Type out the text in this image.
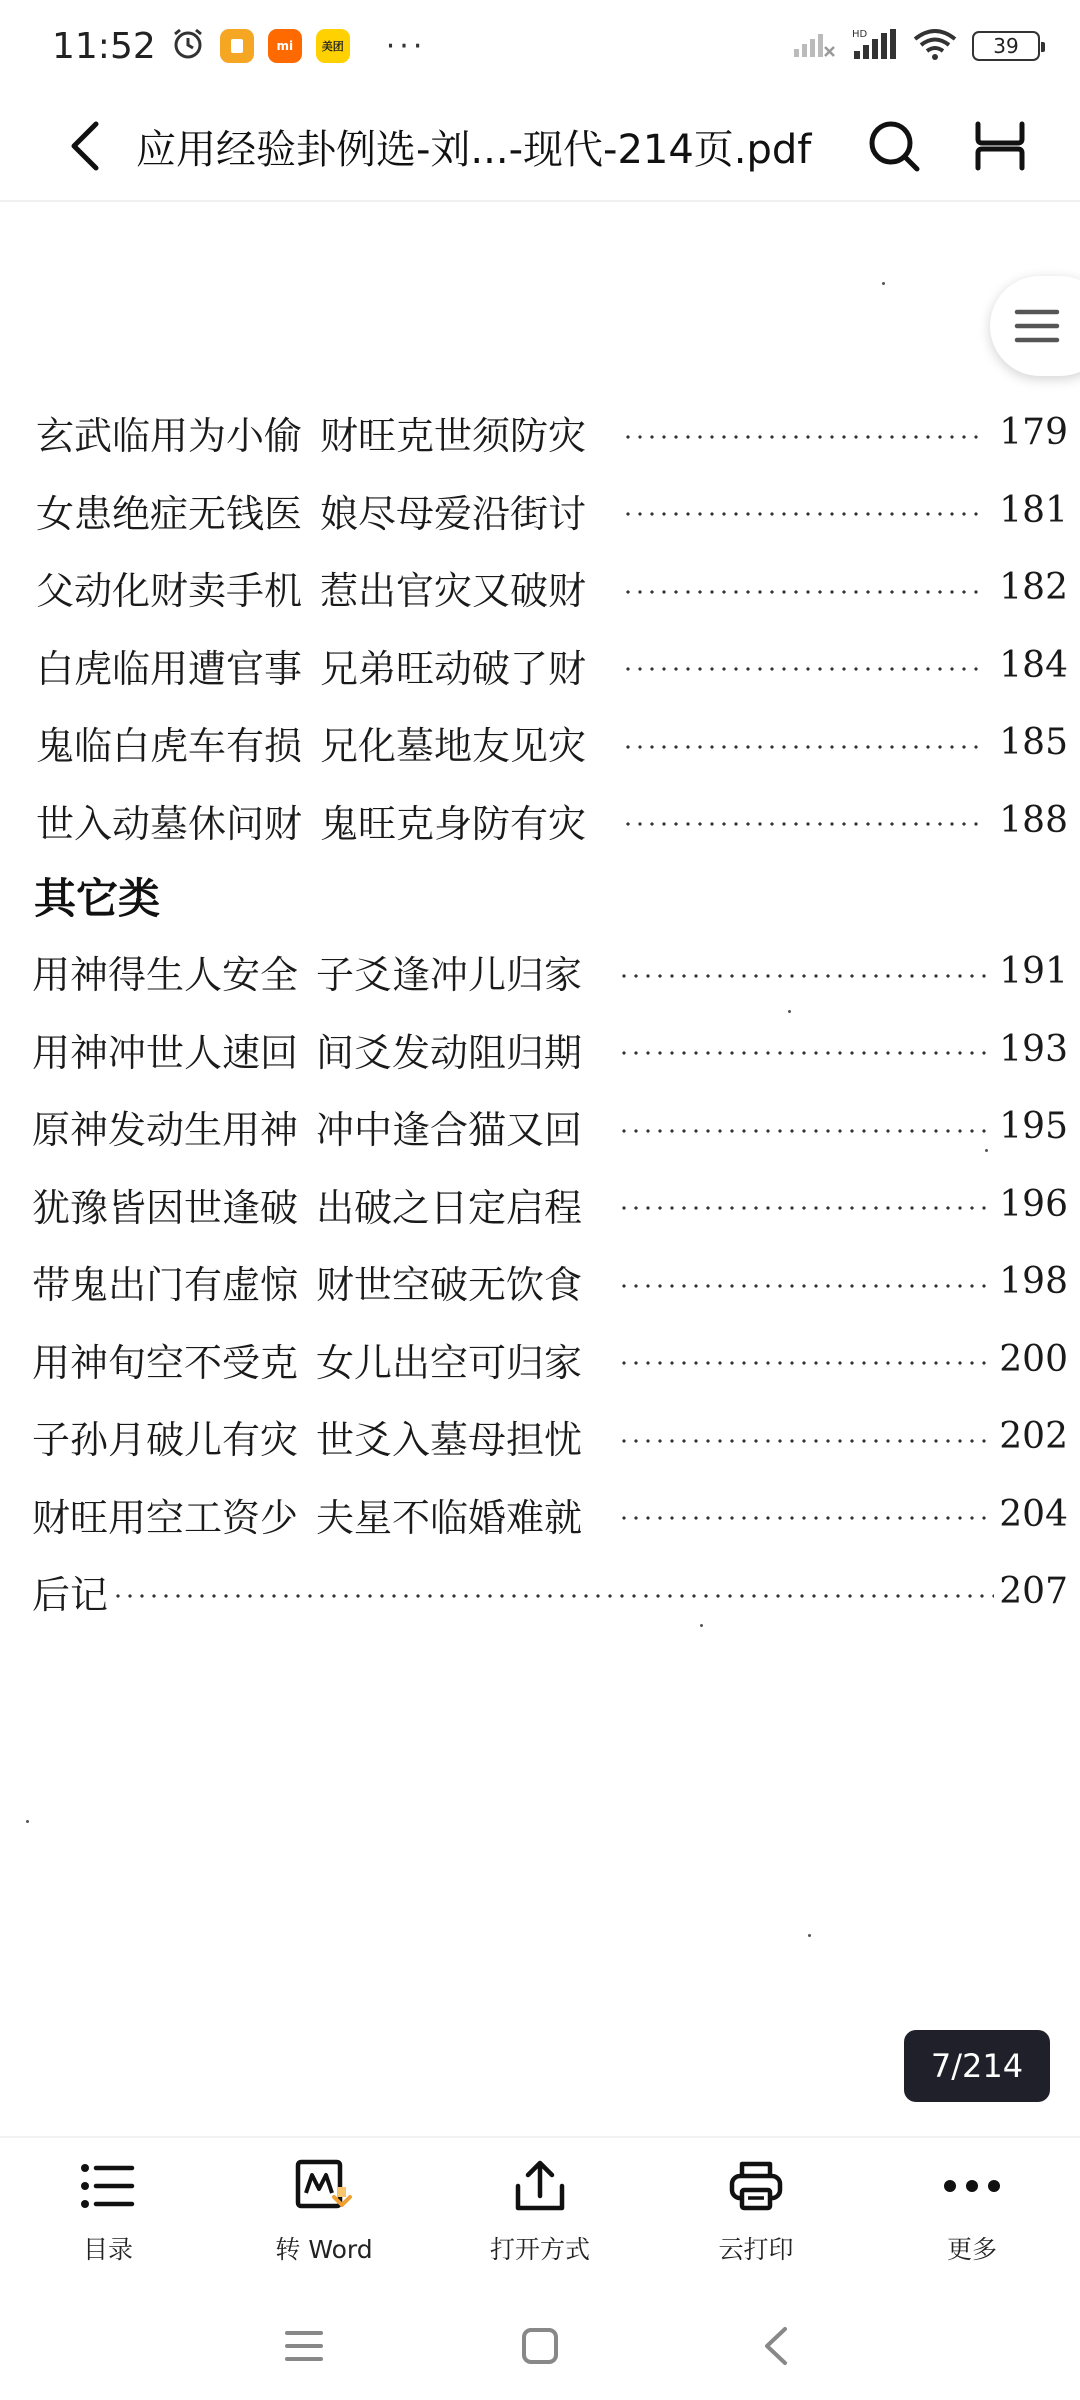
11:52	mi	美团 ···	HD	39
应用经验卦例选-刘...-现代-214页.pdf
玄武临用为小偷 财旺克世须防灾	179
女患绝症无钱医 娘尽母爱沿街讨	181
父动化财卖手机 惹出官灾又破财	182
白虎临用遭官事 兄弟旺动破了财	184
鬼临白虎车有损 兄化墓地友见灾	185
世入动墓休问财 鬼旺克身防有灾	188
其它类
用神得生人安全 子爻逢冲儿归家	191
用神冲世人速回 间爻发动阻归期	193
原神发动生用神 冲中逢合猫又回	195
犹豫皆因世逢破 出破之日定启程	196
带鬼出门有虚惊 财世空破无饮食	198
用神旬空不受克 女儿出空可归家	200
子孙月破儿有灾 世爻入墓母担忧	202
财旺用空工资少 夫星不临婚难就	204
后记	207
7/214
目录	转 Word	打开方式	云打印	更多
